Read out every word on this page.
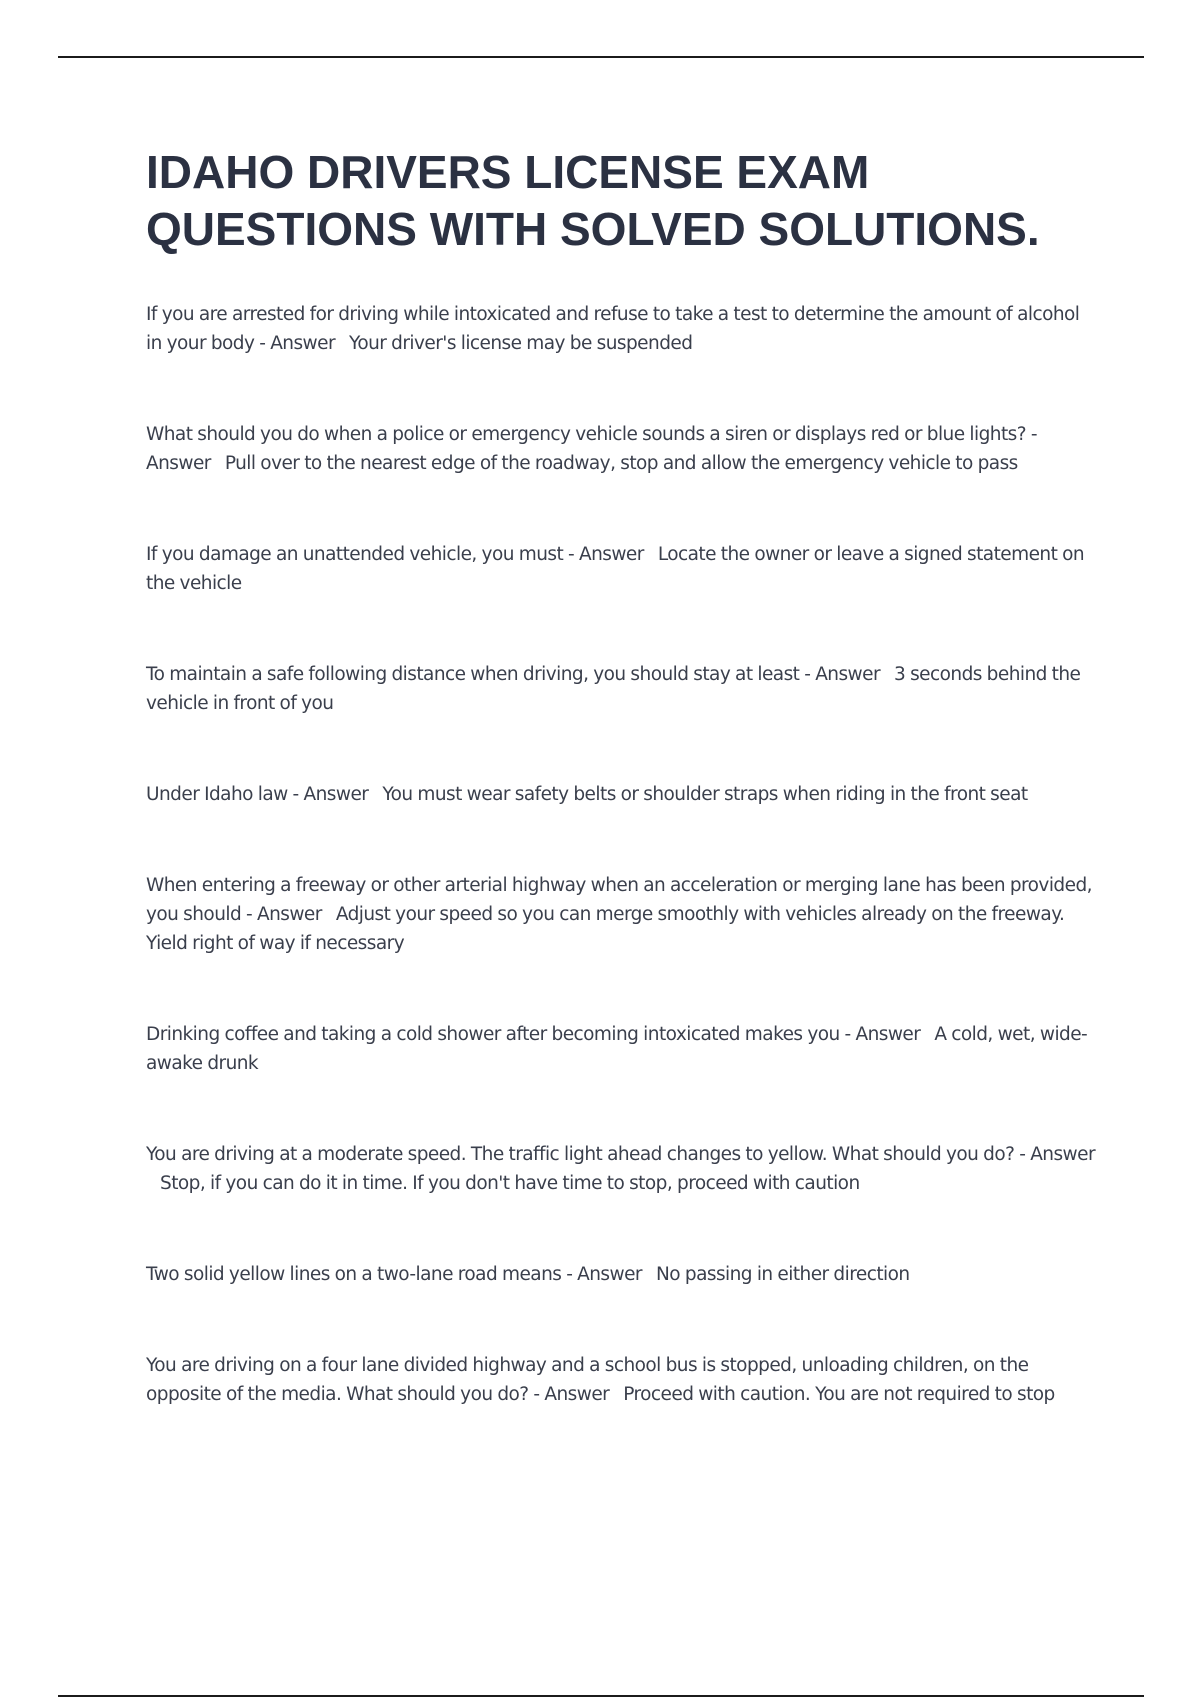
IDAHO DRIVERS LICENSE EXAM QUESTIONS WITH SOLVED SOLUTIONS.
If you are arrested for driving while intoxicated and refuse to take a test to determine the amount of alcohol in your body - Answer Your driver's license may be suspended
What should you do when a police or emergency vehicle sounds a siren or displays red or blue lights? - Answer Pull over to the nearest edge of the roadway, stop and allow the emergency vehicle to pass
If you damage an unattended vehicle, you must - Answer Locate the owner or leave a signed statement on the vehicle
To maintain a safe following distance when driving, you should stay at least - Answer 3 seconds behind the vehicle in front of you
Under Idaho law - Answer You must wear safety belts or shoulder straps when riding in the front seat
When entering a freeway or other arterial highway when an acceleration or merging lane has been provided, you should - Answer Adjust your speed so you can merge smoothly with vehicles already on the freeway. Yield right of way if necessary
Drinking coffee and taking a cold shower after becoming intoxicated makes you - Answer A cold, wet, wide-awake drunk
You are driving at a moderate speed. The traffic light ahead changes to yellow. What should you do? - AnswerStop, if you can do it in time. If you don't have time to stop, proceed with caution
Two solid yellow lines on a two-lane road means - Answer No passing in either direction
You are driving on a four lane divided highway and a school bus is stopped, unloading children, on the opposite of the media. What should you do? - Answer Proceed with caution. You are not required to stop
